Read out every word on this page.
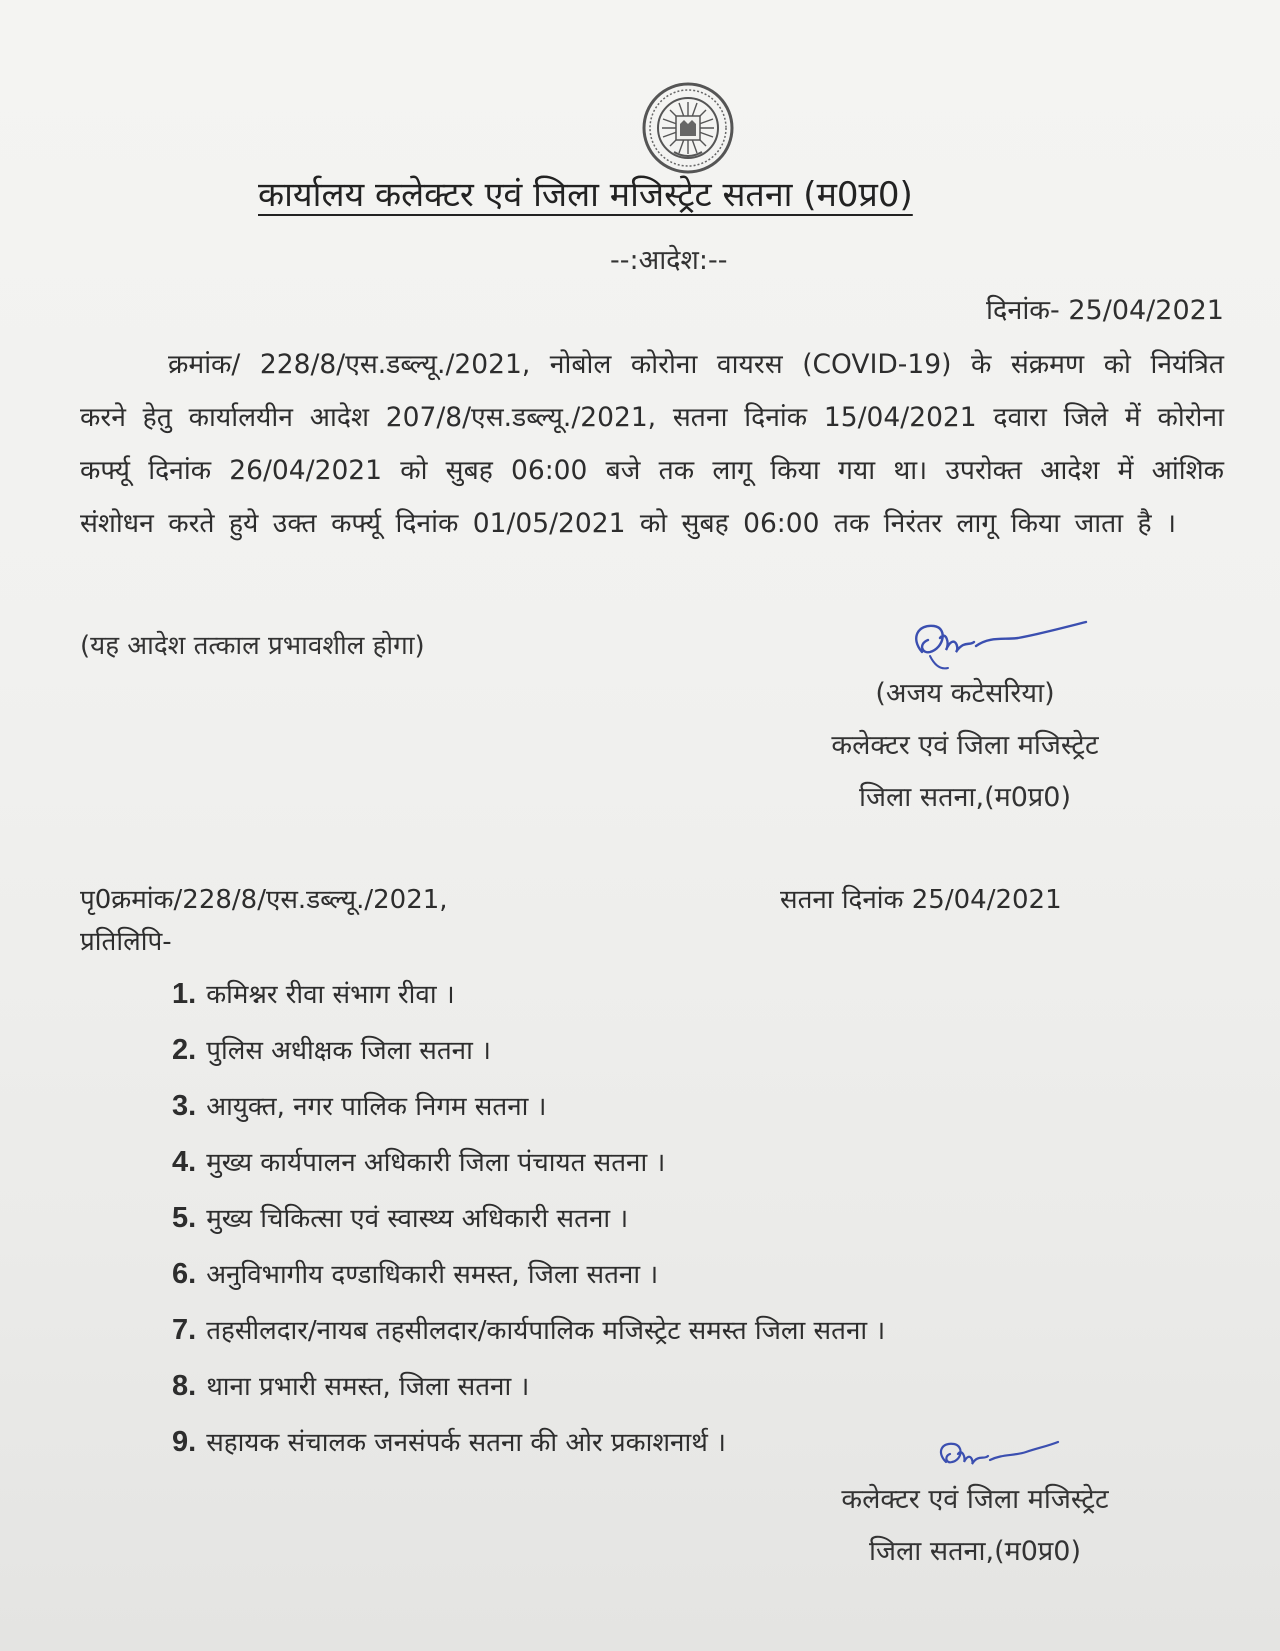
कार्यालय कलेक्टर एवं जिला मजिस्ट्रेट सतना (म0प्र0)
--:आदेश:--
दिनांक- 25/04/2021
क्रमांक/ 228/8/एस.डब्ल्यू./2021, नोबोल कोरोना वायरस (COVID-19) के संक्रमण को नियंत्रित करने हेतु कार्यालयीन आदेश 207/8/एस.डब्ल्यू./2021, सतना दिनांक 15/04/2021 दवारा जिले में कोरोना कर्फ्यू दिनांक 26/04/2021 को सुबह 06:00 बजे तक लागू किया गया था। उपरोक्त आदेश में आंशिक संशोधन करते हुये उक्त कर्फ्यू दिनांक 01/05/2021 को सुबह 06:00 तक निरंतर लागू किया जाता है ।
(यह आदेश तत्काल प्रभावशील होगा)
(अजय कटेसरिया)
कलेक्टर एवं जिला मजिस्ट्रेट
जिला सतना,(म0प्र0)
पृ0क्रमांक/228/8/एस.डब्ल्यू./2021,	सतना दिनांक 25/04/2021
प्रतिलिपि-
1. कमिश्नर रीवा संभाग रीवा ।
2. पुलिस अधीक्षक जिला सतना ।
3. आयुक्त, नगर पालिक निगम सतना ।
4. मुख्य कार्यपालन अधिकारी जिला पंचायत सतना ।
5. मुख्य चिकित्सा एवं स्वास्थ्य अधिकारी सतना ।
6. अनुविभागीय दण्डाधिकारी समस्त, जिला सतना ।
7. तहसीलदार/नायब तहसीलदार/कार्यपालिक मजिस्ट्रेट समस्त जिला सतना ।
8. थाना प्रभारी समस्त, जिला सतना ।
9. सहायक संचालक जनसंपर्क सतना की ओर प्रकाशनार्थ ।
कलेक्टर एवं जिला मजिस्ट्रेट
जिला सतना,(म0प्र0)
